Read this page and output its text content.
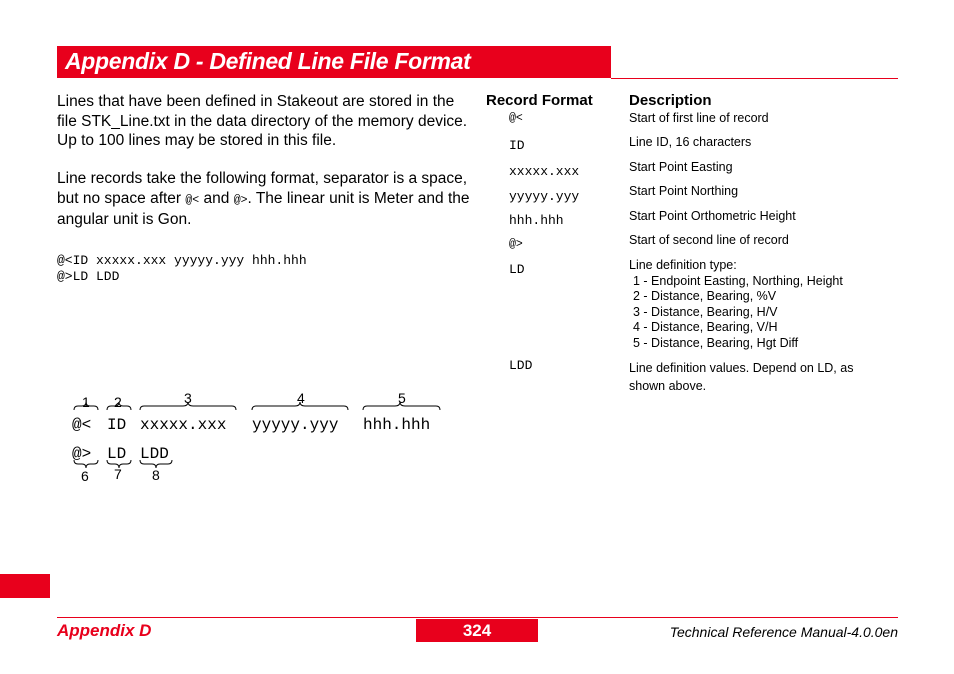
Appendix D - Defined Line File Format
Lines that have been defined in Stakeout are stored in the file STK_Line.txt in the data directory of the memory device. Up to 100 lines may be stored in this file.
Line records take the following format, separator is a space, but no space after @< and @>. The linear unit is Meter and the angular unit is Gon.
@<ID xxxxx.xxx yyyyy.yyy hhh.hhh
@>LD LDD
1 2	3	4	5
@< ID xxxxx.xxx yyyyy.yyy hhh.hhh
@> LD LDD
6 7 8
Record Format Description
@<	Start of first line of record
ID	Line ID, 16 characters
xxxxx.xxx	Start Point Easting
yyyyy.yyy	Start Point Northing
hhh.hhh	Start Point Orthometric Height
@>	Start of second line of record
LD	Line definition type:
1 - Endpoint Easting, Northing, Height
2 - Distance, Bearing, %V
3 - Distance, Bearing, H/V
4 - Distance, Bearing, V/H
5 - Distance, Bearing, Hgt Diff
LDD	Line definition values. Depend on LD, as shown above.
Appendix D	324	Technical Reference Manual-4.0.0en
